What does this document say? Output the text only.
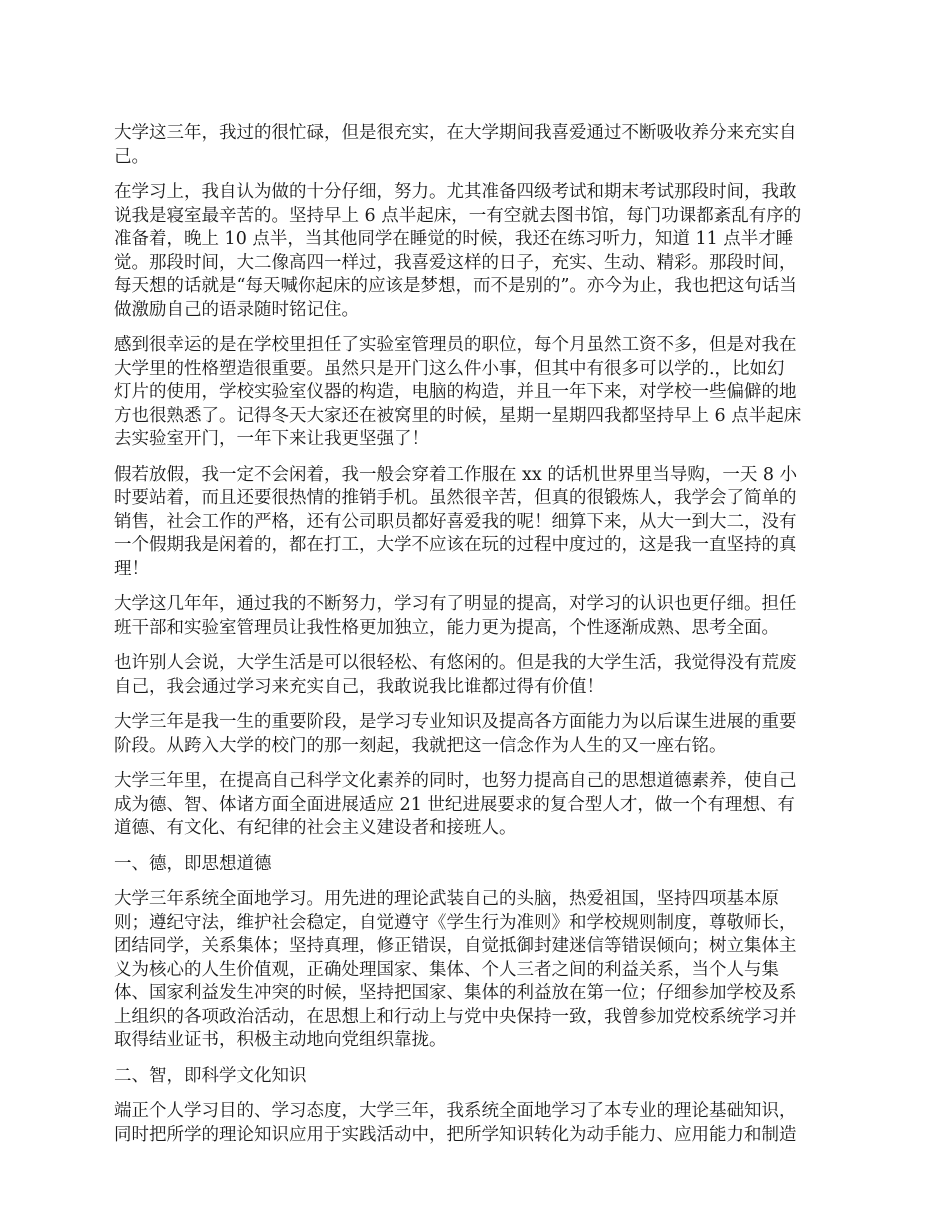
大学这三年，我过的很忙碌，但是很充实，在大学期间我喜爱通过不断吸收养分来充实自
己。

在学习上，我自认为做的十分仔细，努力。尤其准备四级考试和期末考试那段时间，我敢
说我是寝室最辛苦的。坚持早上 6 点半起床，一有空就去图书馆，每门功课都紊乱有序的
准备着，晚上 10 点半，当其他同学在睡觉的时候，我还在练习听力，知道 11 点半才睡
觉。那段时间，大二像高四一样过，我喜爱这样的日子，充实、生动、精彩。那段时间，
每天想的话就是“每天喊你起床的应该是梦想，而不是别的”。亦今为止，我也把这句话当
做激励自己的语录随时铭记住。

感到很幸运的是在学校里担任了实验室管理员的职位，每个月虽然工资不多，但是对我在
大学里的性格塑造很重要。虽然只是开门这么件小事，但其中有很多可以学的.，比如幻
灯片的使用，学校实验室仪器的构造，电脑的构造，并且一年下来，对学校一些偏僻的地
方也很熟悉了。记得冬天大家还在被窝里的时候，星期一星期四我都坚持早上 6 点半起床
去实验室开门，一年下来让我更坚强了！

假若放假，我一定不会闲着，我一般会穿着工作服在 xx 的话机世界里当导购，一天 8 小
时要站着，而且还要很热情的推销手机。虽然很辛苦，但真的很锻炼人，我学会了简单的
销售，社会工作的严格，还有公司职员都好喜爱我的呢！细算下来，从大一到大二，没有
一个假期我是闲着的，都在打工，大学不应该在玩的过程中度过的，这是我一直坚持的真
理！

大学这几年年，通过我的不断努力，学习有了明显的提高，对学习的认识也更仔细。担任
班干部和实验室管理员让我性格更加独立，能力更为提高，个性逐渐成熟、思考全面。

也许别人会说，大学生活是可以很轻松、有悠闲的。但是我的大学生活，我觉得没有荒废
自己，我会通过学习来充实自己，我敢说我比谁都过得有价值！

大学三年是我一生的重要阶段，是学习专业知识及提高各方面能力为以后谋生进展的重要
阶段。从跨入大学的校门的那一刻起，我就把这一信念作为人生的又一座右铭。

大学三年里，在提高自己科学文化素养的同时，也努力提高自己的思想道德素养，使自己
成为德、智、体诸方面全面进展适应 21 世纪进展要求的复合型人才，做一个有理想、有
道德、有文化、有纪律的社会主义建设者和接班人。

一、德，即思想道德

大学三年系统全面地学习。用先进的理论武装自己的头脑，热爱祖国，坚持四项基本原
则；遵纪守法，维护社会稳定，自觉遵守《学生行为准则》和学校规则制度，尊敬师长，
团结同学，关系集体；坚持真理，修正错误，自觉抵御封建迷信等错误倾向；树立集体主
义为核心的人生价值观，正确处理国家、集体、个人三者之间的利益关系，当个人与集
体、国家利益发生冲突的时候，坚持把国家、集体的利益放在第一位；仔细参加学校及系
上组织的各项政治活动，在思想上和行动上与党中央保持一致，我曾参加党校系统学习并
取得结业证书，积极主动地向党组织靠拢。

二、智，即科学文化知识

端正个人学习目的、学习态度，大学三年，我系统全面地学习了本专业的理论基础知识，
同时把所学的理论知识应用于实践活动中，把所学知识转化为动手能力、应用能力和制造
